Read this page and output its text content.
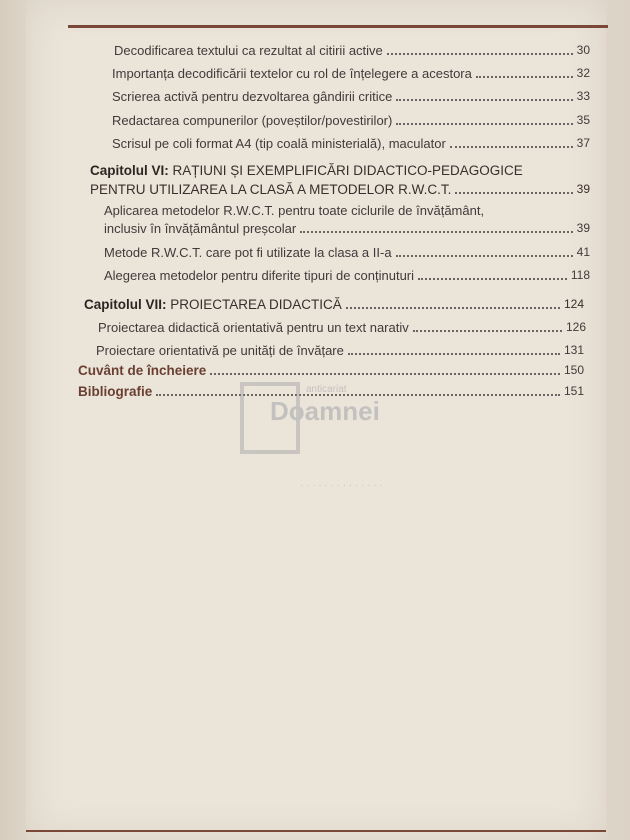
· · · · · · · · · · · · · ·
Decodificarea textului ca rezultat al citirii active	30
Importanța decodificării textelor cu rol de înțelegere a acestora	32
Scrierea activă pentru dezvoltarea gândirii critice	33
Redactarea compunerilor (poveștilor/povestirilor)	35
Scrisul pe coli format A4 (tip coală ministerială), maculator	37
Capitolul VI: RAȚIUNI ȘI EXEMPLIFICĂRI DIDACTICO-PEDAGOGICE
PENTRU UTILIZAREA LA CLASĂ A METODELOR R.W.C.T.	39
Aplicarea metodelor R.W.C.T. pentru toate ciclurile de învățământ,
inclusiv în învățământul preșcolar	39
Metode R.W.C.T. care pot fi utilizate la clasa a II-a	41
Alegerea metodelor pentru diferite tipuri de conținuturi	118
Capitolul VII: PROIECTAREA DIDACTICĂ	124
Proiectarea didactică orientativă pentru un text narativ	126
Proiectare orientativă pe unități de învățare	131
Cuvânt de încheiere	150
Bibliografie	151
anticariat
Doamnei
